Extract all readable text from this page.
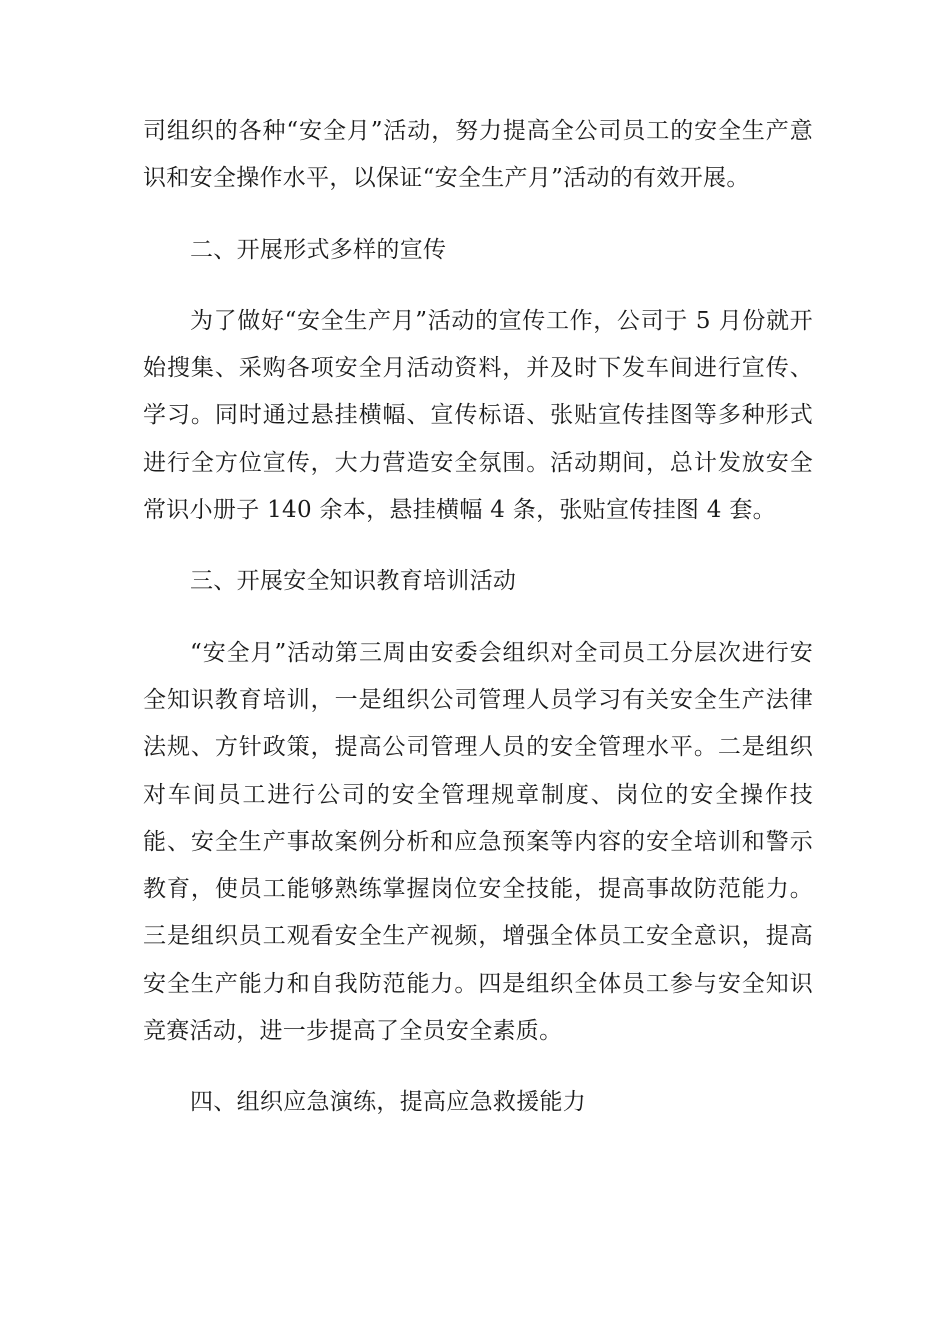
司组织的各种“安全月”活动，努力提高全公司员工的安全生产意识和安全操作水平，以保证“安全生产月”活动的有效开展。

二、开展形式多样的宣传

为了做好“安全生产月”活动的宣传工作，公司于 5 月份就开始搜集、采购各项安全月活动资料，并及时下发车间进行宣传、学习。同时通过悬挂横幅、宣传标语、张贴宣传挂图等多种形式进行全方位宣传，大力营造安全氛围。活动期间，总计发放安全常识小册子 140 余本，悬挂横幅 4 条，张贴宣传挂图 4 套。

三、开展安全知识教育培训活动

“安全月”活动第三周由安委会组织对全司员工分层次进行安全知识教育培训，一是组织公司管理人员学习有关安全生产法律法规、方针政策，提高公司管理人员的安全管理水平。二是组织对车间员工进行公司的安全管理规章制度、岗位的安全操作技能、安全生产事故案例分析和应急预案等内容的安全培训和警示教育，使员工能够熟练掌握岗位安全技能，提高事故防范能力。三是组织员工观看安全生产视频，增强全体员工安全意识，提高安全生产能力和自我防范能力。四是组织全体员工参与安全知识竞赛活动，进一步提高了全员安全素质。

四、组织应急演练，提高应急救援能力
